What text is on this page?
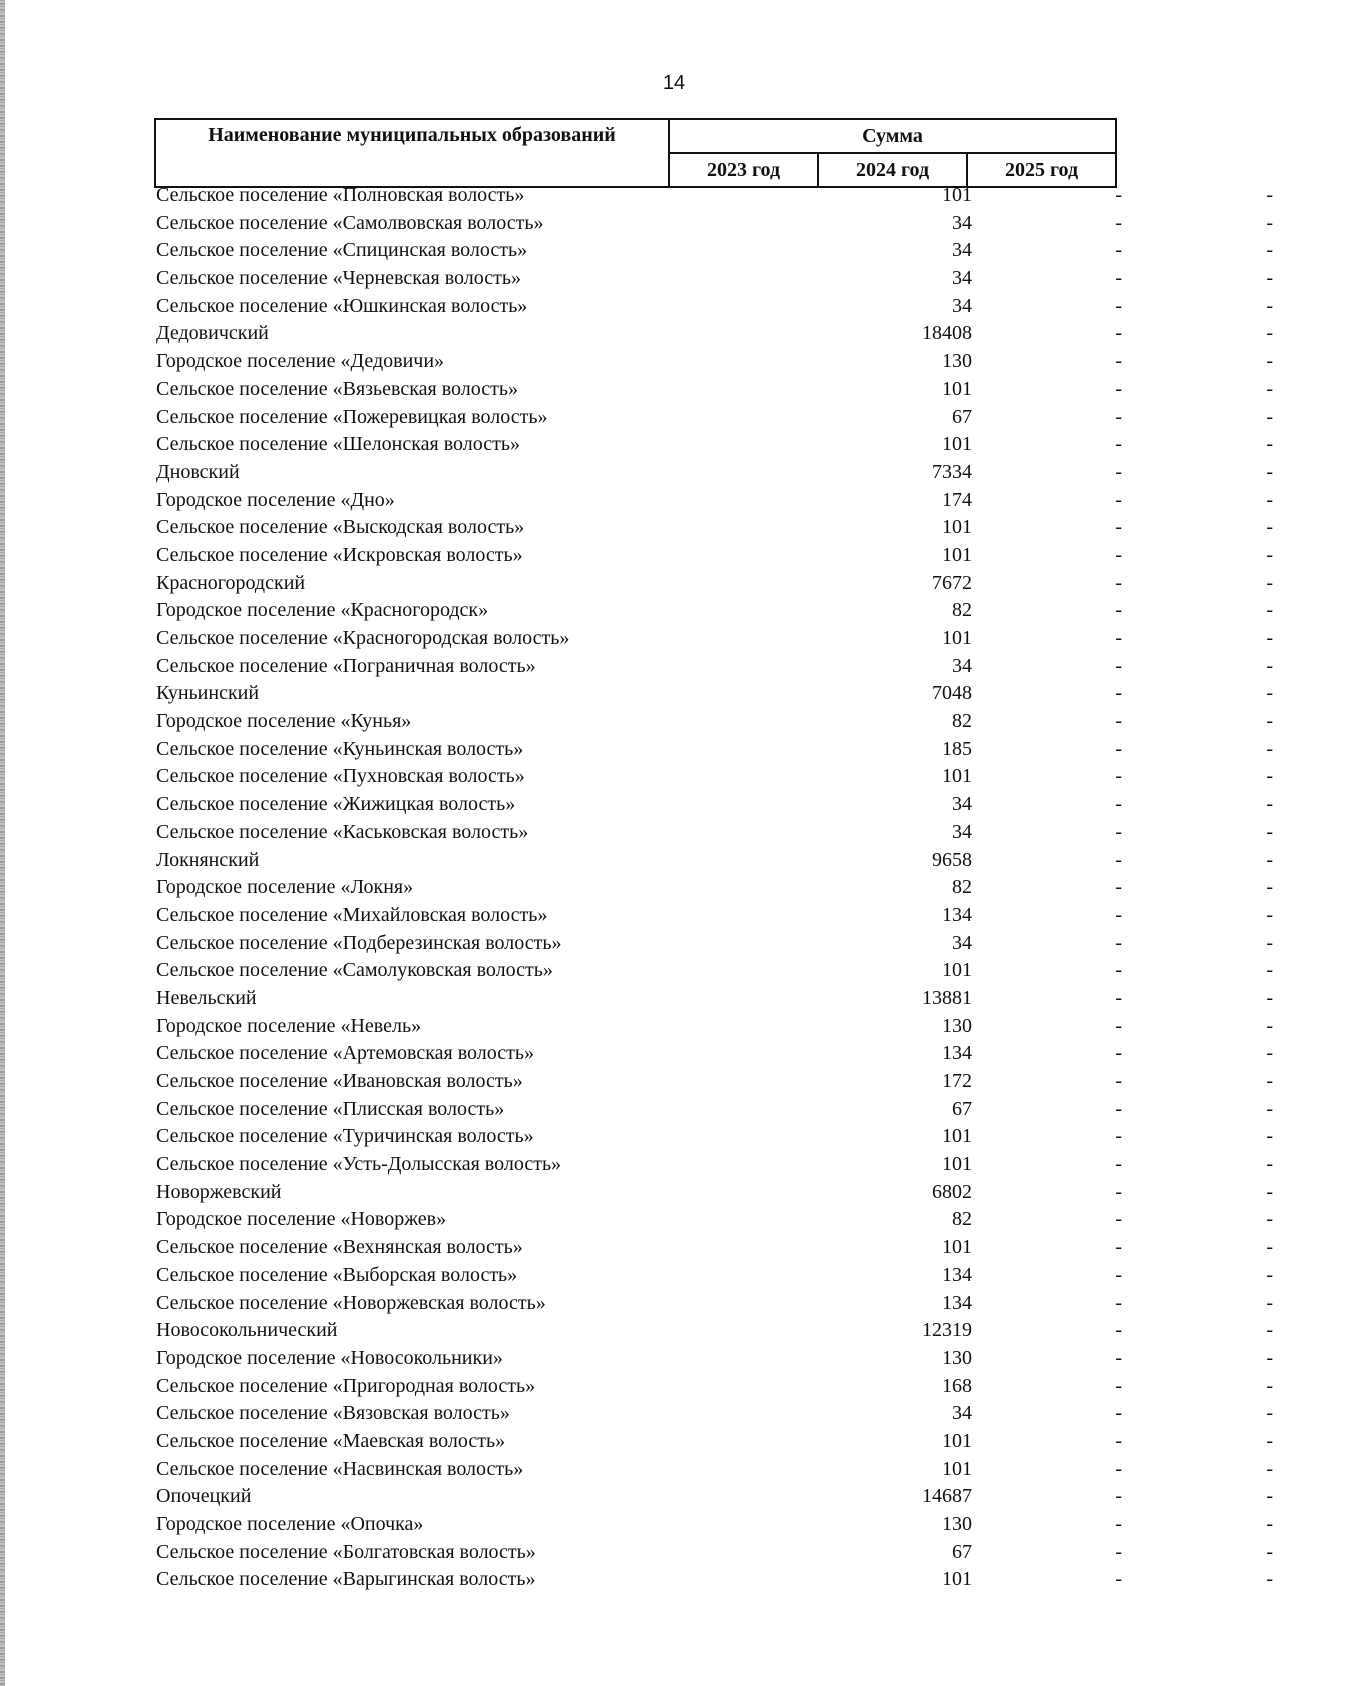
14
Наименование муниципальных образований	Сумма		
	2023 год	2024 год	2025 год
Сельское поселение «Полновская волость»	101	-	-
Сельское поселение «Самолвовская волость»	34	-	-
Сельское поселение «Спицинская волость»	34	-	-
Сельское поселение «Черневская волость»	34	-	-
Сельское поселение «Юшкинская волость»	34	-	-
Дедовичский	18408	-	-
Городское поселение «Дедовичи»	130	-	-
Сельское поселение «Вязьевская волость»	101	-	-
Сельское поселение «Пожеревицкая волость»	67	-	-
Сельское поселение «Шелонская волость»	101	-	-
Дновский	7334	-	-
Городское поселение «Дно»	174	-	-
Сельское поселение «Выскодская волость»	101	-	-
Сельское поселение «Искровская волость»	101	-	-
Красногородский	7672	-	-
Городское поселение «Красногородск»	82	-	-
Сельское поселение «Красногородская волость»	101	-	-
Сельское поселение «Пограничная волость»	34	-	-
Куньинский	7048	-	-
Городское поселение «Кунья»	82	-	-
Сельское поселение «Куньинская волость»	185	-	-
Сельское поселение «Пухновская волость»	101	-	-
Сельское поселение «Жижицкая волость»	34	-	-
Сельское поселение «Каськовская волость»	34	-	-
Локнянский	9658	-	-
Городское поселение «Локня»	82	-	-
Сельское поселение «Михайловская волость»	134	-	-
Сельское поселение «Подберезинская волость»	34	-	-
Сельское поселение «Самолуковская волость»	101	-	-
Невельский	13881	-	-
Городское поселение «Невель»	130	-	-
Сельское поселение «Артемовская волость»	134	-	-
Сельское поселение «Ивановская волость»	172	-	-
Сельское поселение «Плисская волость»	67	-	-
Сельское поселение «Туричинская волость»	101	-	-
Сельское поселение «Усть-Долысская волость»	101	-	-
Новоржевский	6802	-	-
Городское поселение «Новоржев»	82	-	-
Сельское поселение «Вехнянская волость»	101	-	-
Сельское поселение «Выборская волость»	134	-	-
Сельское поселение «Новоржевская волость»	134	-	-
Новосокольнический	12319	-	-
Городское поселение «Новосокольники»	130	-	-
Сельское поселение «Пригородная волость»	168	-	-
Сельское поселение «Вязовская волость»	34	-	-
Сельское поселение «Маевская волость»	101	-	-
Сельское поселение «Насвинская волость»	101	-	-
Опочецкий	14687	-	-
Городское поселение «Опочка»	130	-	-
Сельское поселение «Болгатовская волость»	67	-	-
Сельское поселение «Варыгинская волость»	101	-	-
